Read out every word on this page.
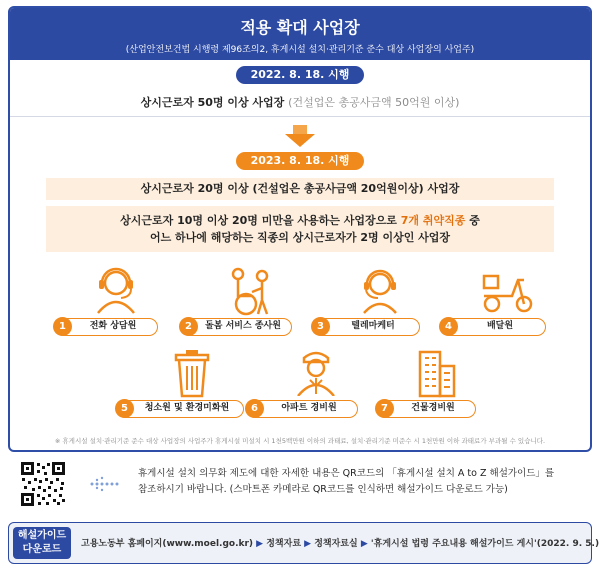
적용 확대 사업장
(산업안전보건법 시행령 제96조의2, 휴게시설 설치·관리기준 준수 대상 사업장의 사업주)
2022. 8. 18. 시행
상시근로자 50명 이상 사업장 (건설업은 총공사금액 50억원 이상)
2023. 8. 18. 시행
상시근로자 20명 이상 (건설업은 총공사금액 20억원이상) 사업장
상시근로자 10명 이상 20명 미만을 사용하는 사업장으로 7개 취약직종 중
어느 하나에 해당하는 직종의 상시근로자가 2명 이상인 사업장
1	전화 상담원	2	돌봄 서비스 종사원	3	텔레마케터	4	배달원
5	청소원 및 환경미화원	6	아파트 경비원	7	건물경비원
※ 휴게시설 설치·관리기준 준수 대상 사업장의 사업주가 휴게시설 미설치 시 1천5백만원 이하의 과태료, 설치·관리기준 미준수 시 1천만원 이하 과태료가 부과될 수 있습니다.
휴게시설 설치 의무화 제도에 대한 자세한 내용은 QR코드의 「휴게시설 설치 A to Z 해설가이드」를
참조하시기 바랍니다. (스마트폰 카메라로 QR코드를 인식하면 해설가이드 다운로드 가능)
해설가이드
다운로드	고용노동부 홈페이지(www.moel.go.kr) ▶ 정책자료 ▶ 정책자료실 ▶ '휴게시설 법령 주요내용 해설가이드 게시'(2022. 9. 5.)
